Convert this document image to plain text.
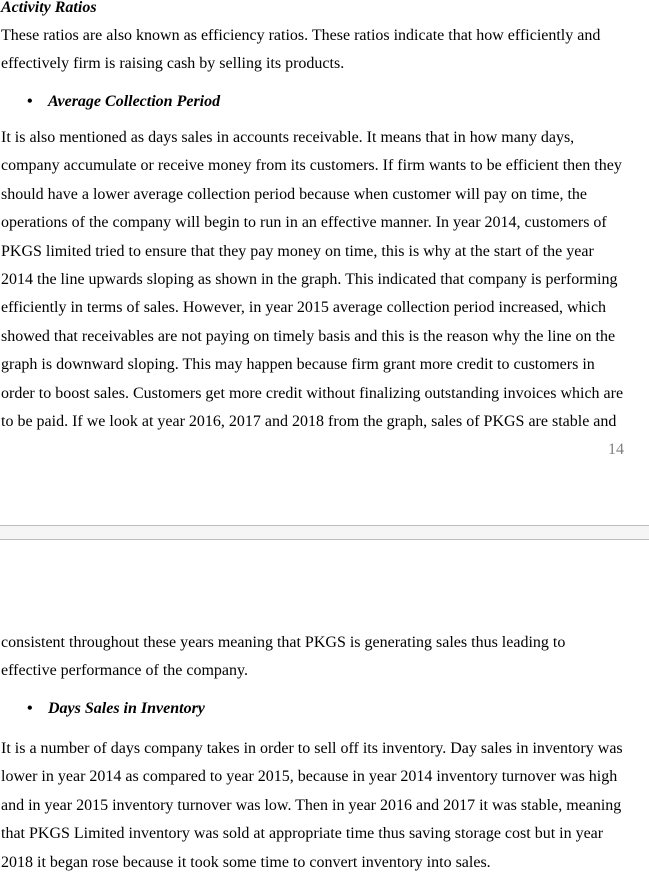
Activity Ratios
These ratios are also known as efficiency ratios. These ratios indicate that how efficiently and
effectively firm is raising cash by selling its products.
• Average Collection Period
It is also mentioned as days sales in accounts receivable. It means that in how many days,
company accumulate or receive money from its customers. If firm wants to be efficient then they
should have a lower average collection period because when customer will pay on time, the
operations of the company will begin to run in an effective manner. In year 2014, customers of
PKGS limited tried to ensure that they pay money on time, this is why at the start of the year
2014 the line upwards sloping as shown in the graph. This indicated that company is performing
efficiently in terms of sales. However, in year 2015 average collection period increased, which
showed that receivables are not paying on timely basis and this is the reason why the line on the
graph is downward sloping. This may happen because firm grant more credit to customers in
order to boost sales. Customers get more credit without finalizing outstanding invoices which are
to be paid. If we look at year 2016, 2017 and 2018 from the graph, sales of PKGS are stable and
14
consistent throughout these years meaning that PKGS is generating sales thus leading to
effective performance of the company.
• Days Sales in Inventory
It is a number of days company takes in order to sell off its inventory. Day sales in inventory was
lower in year 2014 as compared to year 2015, because in year 2014 inventory turnover was high
and in year 2015 inventory turnover was low. Then in year 2016 and 2017 it was stable, meaning
that PKGS Limited inventory was sold at appropriate time thus saving storage cost but in year
2018 it began rose because it took some time to convert inventory into sales.
